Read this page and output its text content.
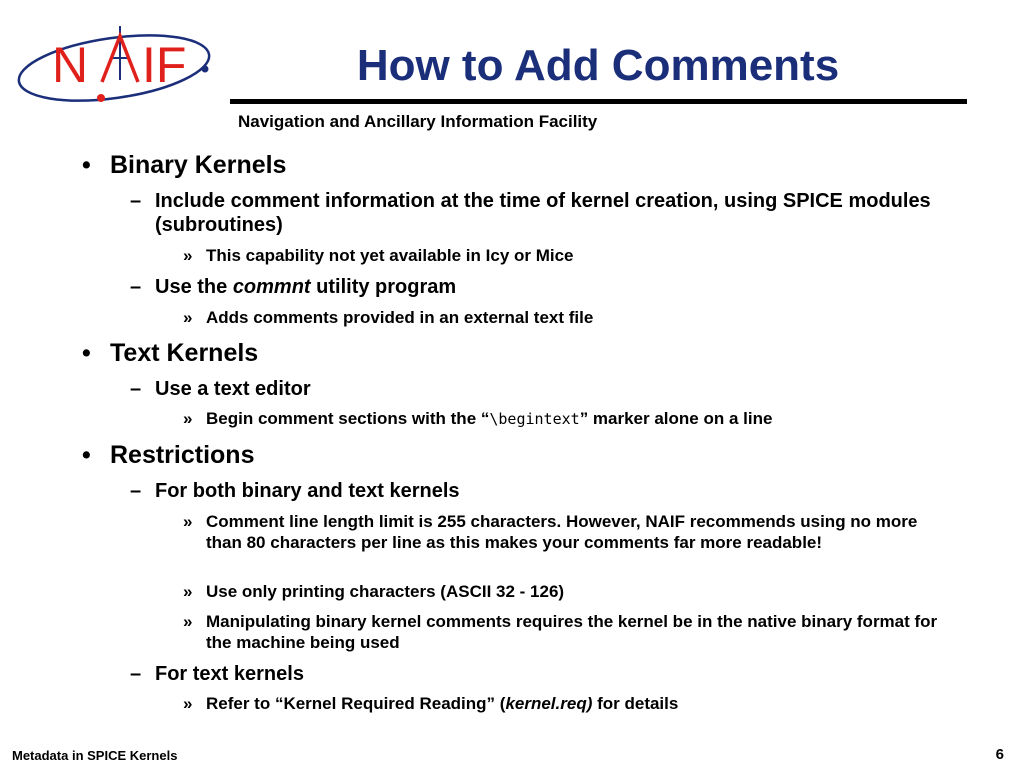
N IF	How to Add Comments
Navigation and Ancillary Information Facility
• Binary Kernels
– Include comment information at the time of kernel creation, using SPICE modules (subroutines)
» This capability not yet available in Icy or Mice
– Use the commnt utility program
» Adds comments provided in an external text file
• Text Kernels
– Use a text editor
» Begin comment sections with the “\begintext” marker alone on a line
• Restrictions
– For both binary and text kernels
» Comment line length limit is 255 characters. However, NAIF recommends using no more than 80 characters per line as this makes your comments far more readable!
» Use only printing characters (ASCII 32 - 126)
» Manipulating binary kernel comments requires the kernel be in the native binary format for the machine being used
– For text kernels
» Refer to “Kernel Required Reading” (kernel.req) for details
Metadata in SPICE Kernels	6
